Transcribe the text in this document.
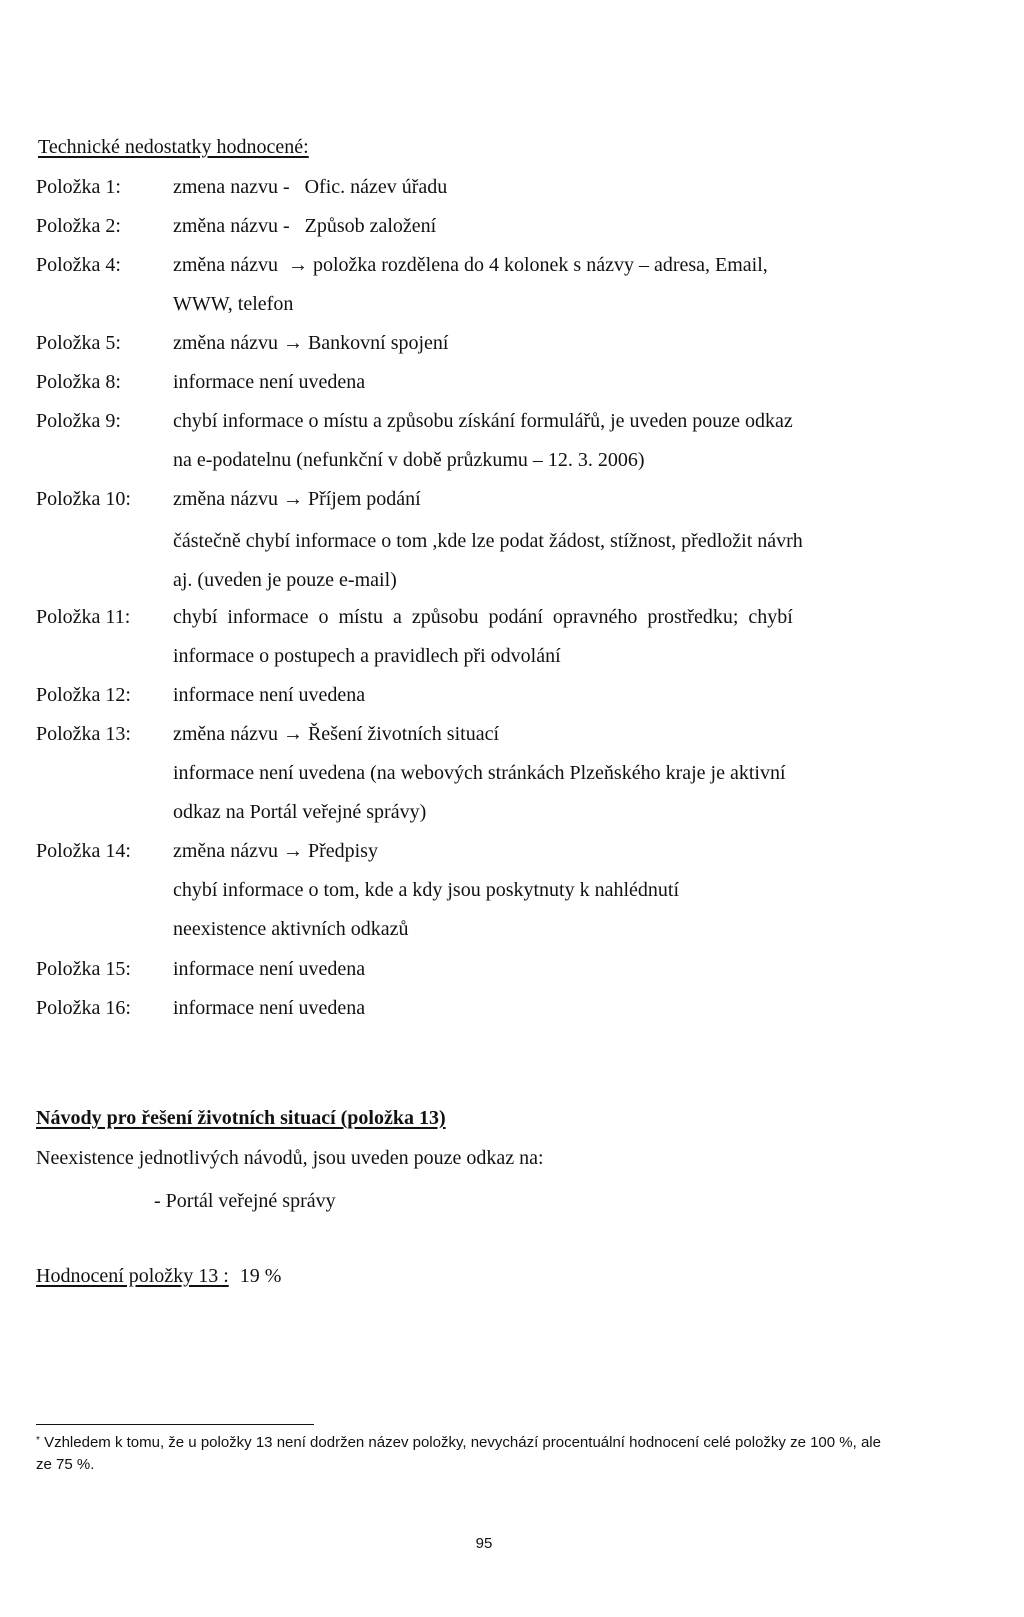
Technické nedostatky hodnocené:
Položka 1:	zmena nazvu -   Ofic. název úřadu
Položka 2:	změna názvu -   Způsob založení
Položka 4:	změna názvu  → položka rozdělena do 4 kolonek s názvy – adresa, Email,
WWW, telefon
Položka 5:	změna názvu → Bankovní spojení
Položka 8:	informace není uvedena
Položka 9:	chybí informace o místu a způsobu získání formulářů, je uveden pouze odkaz
na e-podatelnu (nefunkční v době průzkumu – 12. 3. 2006)
Položka 10: změna názvu → Příjem podání
částečně chybí informace o tom ,kde lze podat žádost, stížnost, předložit návrh
aj. (uveden je pouze e-mail)
Položka 11: chybí informace o místu a způsobu podání opravného prostředku; chybí
informace o postupech a pravidlech při odvolání
Položka 12: informace není uvedena
Položka 13: změna názvu → Řešení životních situací
informace není uvedena (na webových stránkách Plzeňského kraje je aktivní
odkaz na Portál veřejné správy)
Položka 14: změna názvu → Předpisy
chybí informace o tom, kde a kdy jsou poskytnuty k nahlédnutí
neexistence aktivních odkazů
Položka 15: informace není uvedena
Položka 16: informace není uvedena
Návody pro řešení životních situací (položka 13)
Neexistence jednotlivých návodů, jsou uveden pouze odkaz na:
- Portál veřejné správy
Hodnocení položky 13 : 19 %
* Vzhledem k tomu, že u položky 13 není dodržen název položky, nevychází procentuální hodnocení celé položky ze 100 %, ale ze 75 %.
95
